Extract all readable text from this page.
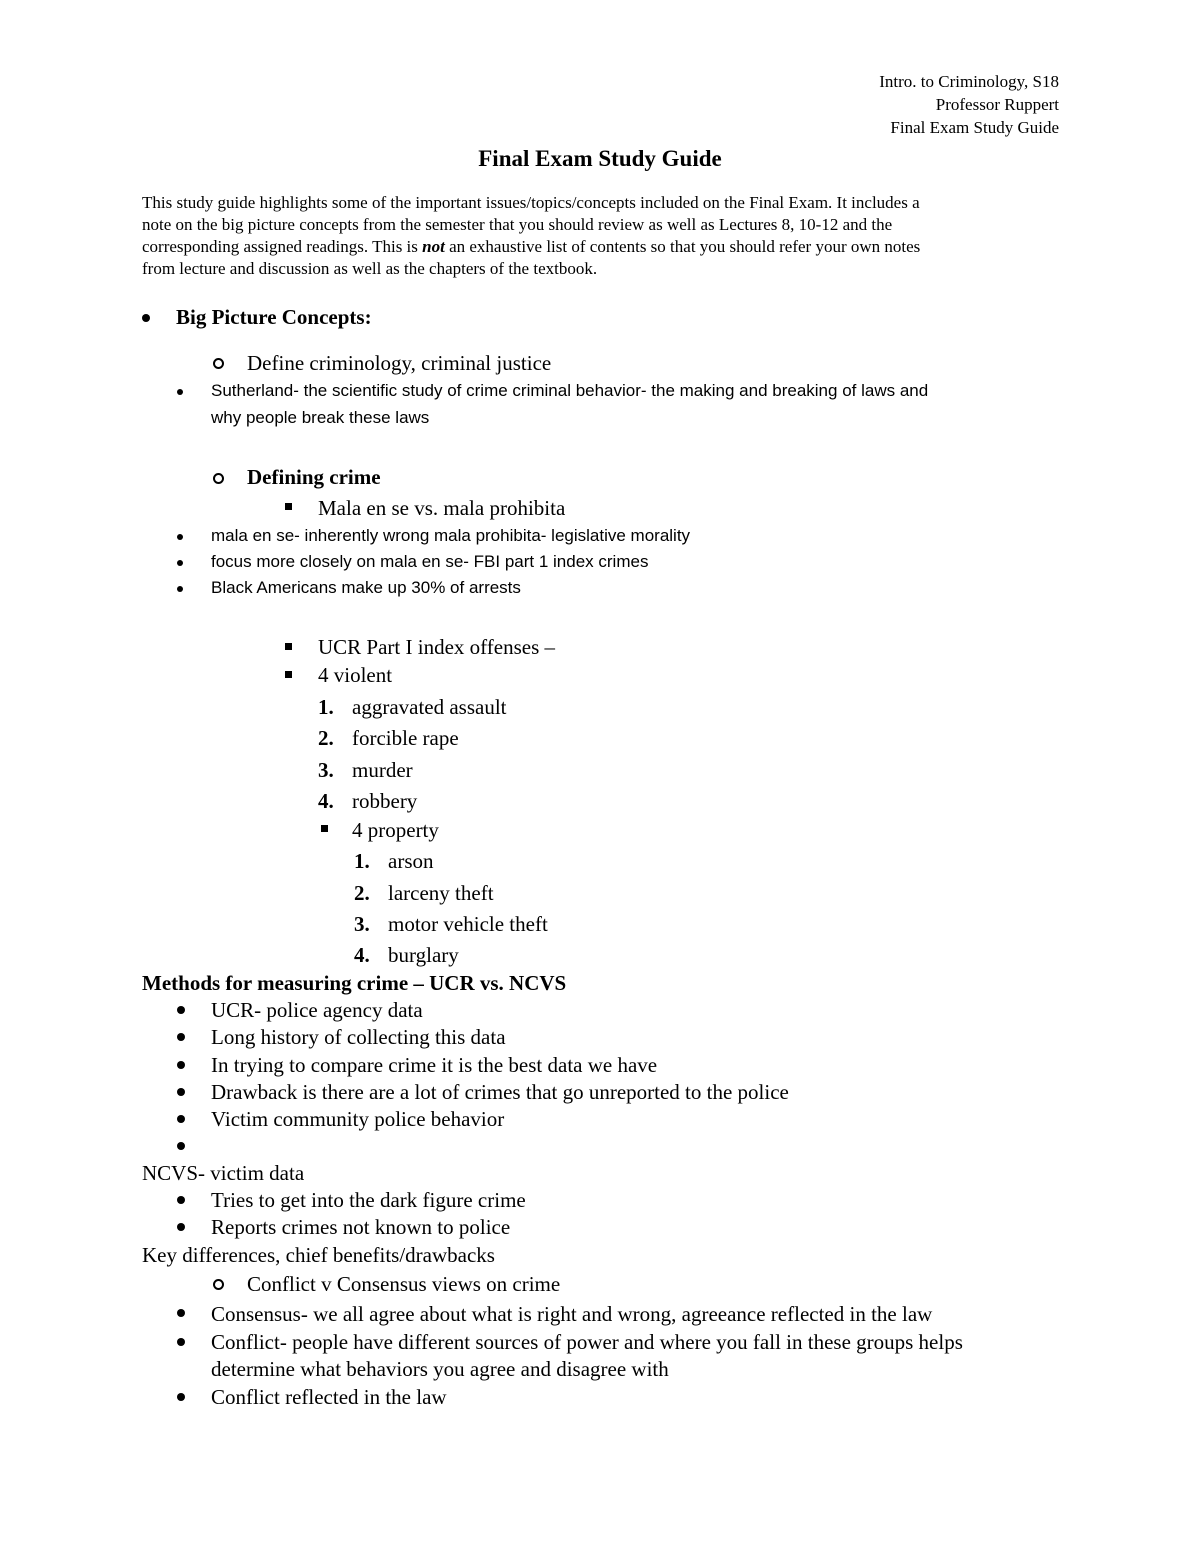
Intro. to Criminology, S18
Professor Ruppert
Final Exam Study Guide
Final Exam Study Guide
This study guide highlights some of the important issues/topics/concepts included on the Final Exam. It includes a
note on the big picture concepts from the semester that you should review as well as Lectures 8, 10-12 and the
corresponding assigned readings. This is not an exhaustive list of contents so that you should refer your own notes
from lecture and discussion as well as the chapters of the textbook.
Big Picture Concepts:
Define criminology, criminal justice
Sutherland- the scientific study of crime criminal behavior- the making and breaking of laws and
why people break these laws
Defining crime
Mala en se vs. mala prohibita
mala en se- inherently wrong mala prohibita- legislative morality
focus more closely on mala en se- FBI part 1 index crimes
Black Americans make up 30% of arrests
UCR Part I index offenses –
4 violent
1. aggravated assault
2. forcible rape
3. murder
4. robbery
4 property
1. arson
2. larceny theft
3. motor vehicle theft
4. burglary
Methods for measuring crime – UCR vs. NCVS
UCR- police agency data
Long history of collecting this data
In trying to compare crime it is the best data we have
Drawback is there are a lot of crimes that go unreported to the police
Victim community police behavior
NCVS- victim data
Tries to get into the dark figure crime
Reports crimes not known to police
Key differences, chief benefits/drawbacks
Conflict v Consensus views on crime
Consensus- we all agree about what is right and wrong, agreeance reflected in the law
Conflict- people have different sources of power and where you fall in these groups helps
determine what behaviors you agree and disagree with
Conflict reflected in the law
